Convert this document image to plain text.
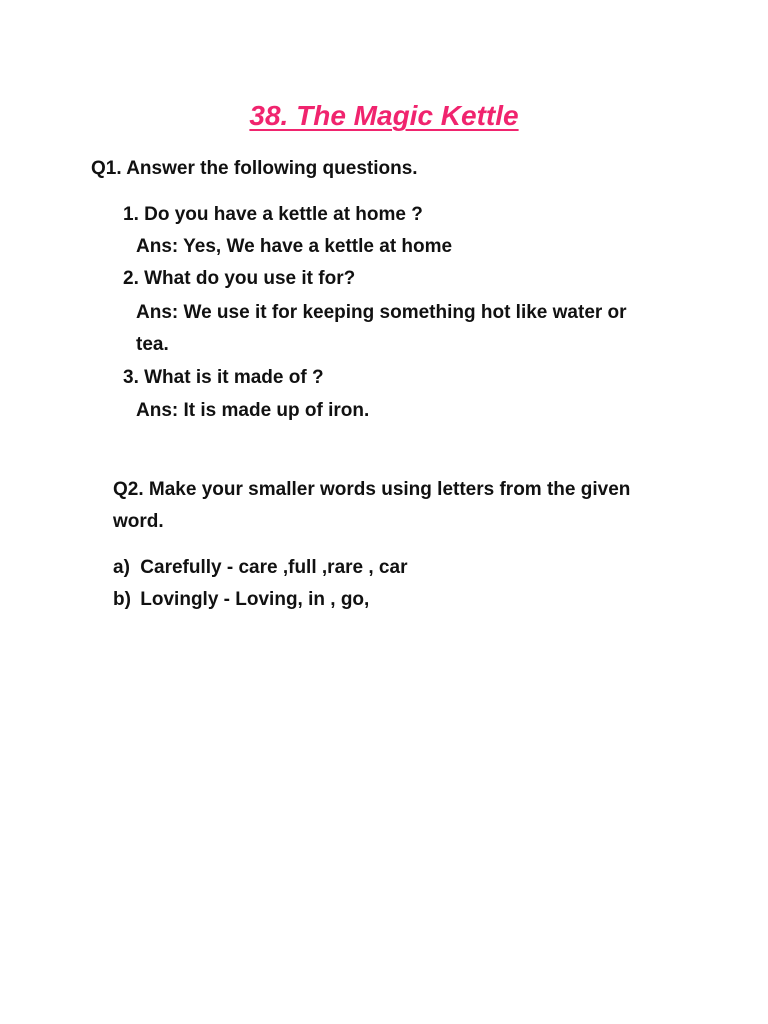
38. The Magic Kettle
Q1. Answer the following questions.
1. Do you have a kettle at home ?
Ans: Yes, We have a kettle at home
2. What do you use it for?
Ans: We use it for keeping something hot like water or
tea.
3. What is it made of ?
Ans: It is made up of iron.
Q2. Make your smaller words using letters from the given
word.
a) Carefully - care ,full ,rare , car
b) Lovingly - Loving, in , go,
